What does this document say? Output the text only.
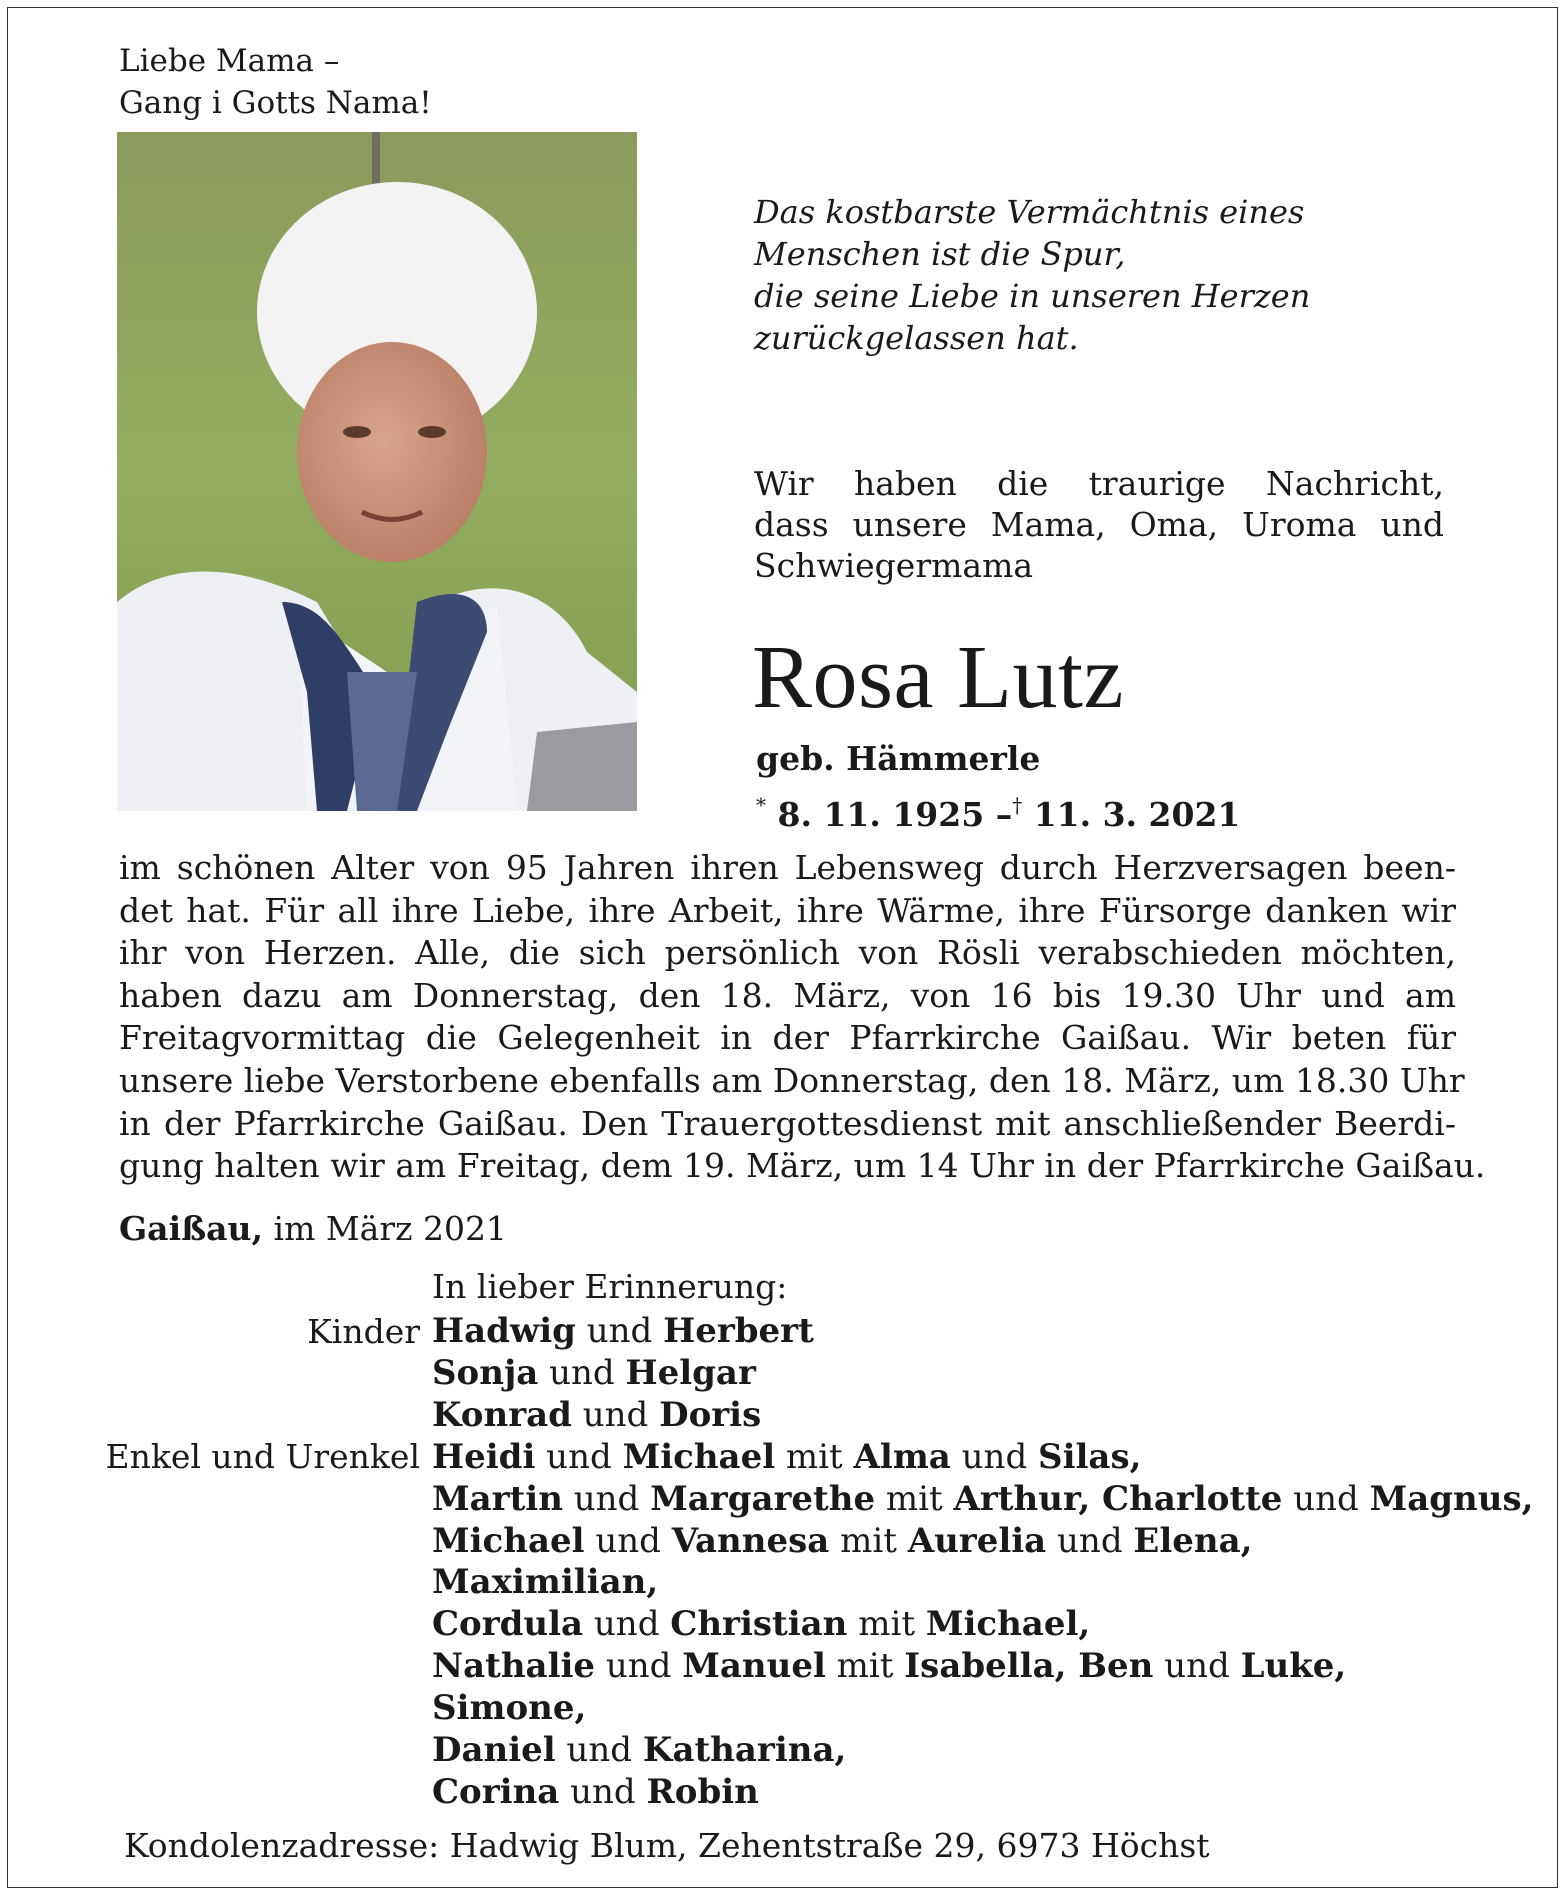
Liebe Mama –
Gang i Gotts Nama!
Das kostbarste Vermächtnis eines
Menschen ist die Spur,
die seine Liebe in unseren Herzen
zurückgelassen hat.
Wir haben die traurige Nachricht,
dass unsere Mama, Oma, Uroma und
Schwiegermama
Rosa Lutz
geb. Hämmerle
* 8. 11. 1925 –† 11. 3. 2021
im schönen Alter von 95 Jahren ihren Lebensweg durch Herzversagen been-
det hat. Für all ihre Liebe, ihre Arbeit, ihre Wärme, ihre Fürsorge danken wir
ihr von Herzen. Alle, die sich persönlich von Rösli verabschieden möchten,
haben dazu am Donnerstag, den 18. März, von 16 bis 19.30 Uhr und am
Freitagvormittag die Gelegenheit in der Pfarrkirche Gaißau. Wir beten für
unsere liebe Verstorbene ebenfalls am Donnerstag, den 18. März, um 18.30 Uhr
in der Pfarrkirche Gaißau. Den Trauergottesdienst mit anschließender Beerdi-
gung halten wir am Freitag, dem 19. März, um 14 Uhr in der Pfarrkirche Gaißau.
Gaißau, im März 2021
In lieber Erinnerung:
Kinder
Enkel und Urenkel
Hadwig und Herbert
Sonja und Helgar
Konrad und Doris
Heidi und Michael mit Alma und Silas,
Martin und Margarethe mit Arthur, Charlotte und Magnus,
Michael und Vannesa mit Aurelia und Elena,
Maximilian,
Cordula und Christian mit Michael,
Nathalie und Manuel mit Isabella, Ben und Luke,
Simone,
Daniel und Katharina,
Corina und Robin
Kondolenzadresse: Hadwig Blum, Zehentstraße 29, 6973 Höchst
